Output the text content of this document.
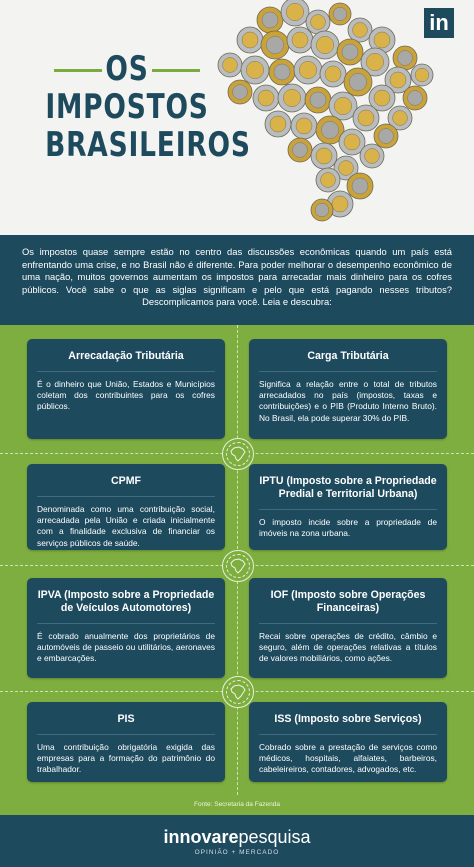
OS
IMPOSTOS
BRASILEIROS
in

Os impostos quase sempre estão no centro das discussões econômicas quando um país está enfrentando uma crise, e no Brasil não é diferente. Para poder melhorar o desempenho econômico de uma nação, muitos governos aumentam os impostos para arrecadar mais dinheiro para os cofres públicos. Você sabe o que as siglas significam e pelo que está pagando nesses tributos? Descomplicamos para você. Leia e descubra:

Arrecadação Tributária

É o dinheiro que União, Estados e Municípios coletam dos contribuintes para os cofres públicos.

Carga Tributária

Significa a relação entre o total de tributos arrecadados no país (impostos, taxas e contribuições) e o PIB (Produto Interno Bruto). No Brasil, ela pode superar 30% do PIB.

CPMF

Denominada como uma contribuição social, arrecadada pela União e criada inicialmente com a finalidade exclusiva de financiar os serviços públicos de saúde.

IPTU (Imposto sobre a Propriedade Predial e Territorial Urbana)

O imposto incide sobre a propriedade de imóveis na zona urbana.

IPVA (Imposto sobre a Propriedade de Veículos Automotores)

É cobrado anualmente dos proprietários de automóveis de passeio ou utilitários, aeronaves e embarcações.

IOF (Imposto sobre Operações Financeiras)

Recai sobre operações de crédito, câmbio e seguro, além de operações relativas a títulos de valores mobiliários, como ações.

PIS

Uma contribuição obrigatória exigida das empresas para a formação do patrimônio do trabalhador.

ISS (Imposto sobre Serviços)

Cobrado sobre a prestação de serviços como médicos, hospitais, alfaiates, barbeiros, cabeleireiros, contadores, advogados, etc.

Fonte: Secretaria da Fazenda
innovarepesquisa
OPINIÃO + MERCADO
